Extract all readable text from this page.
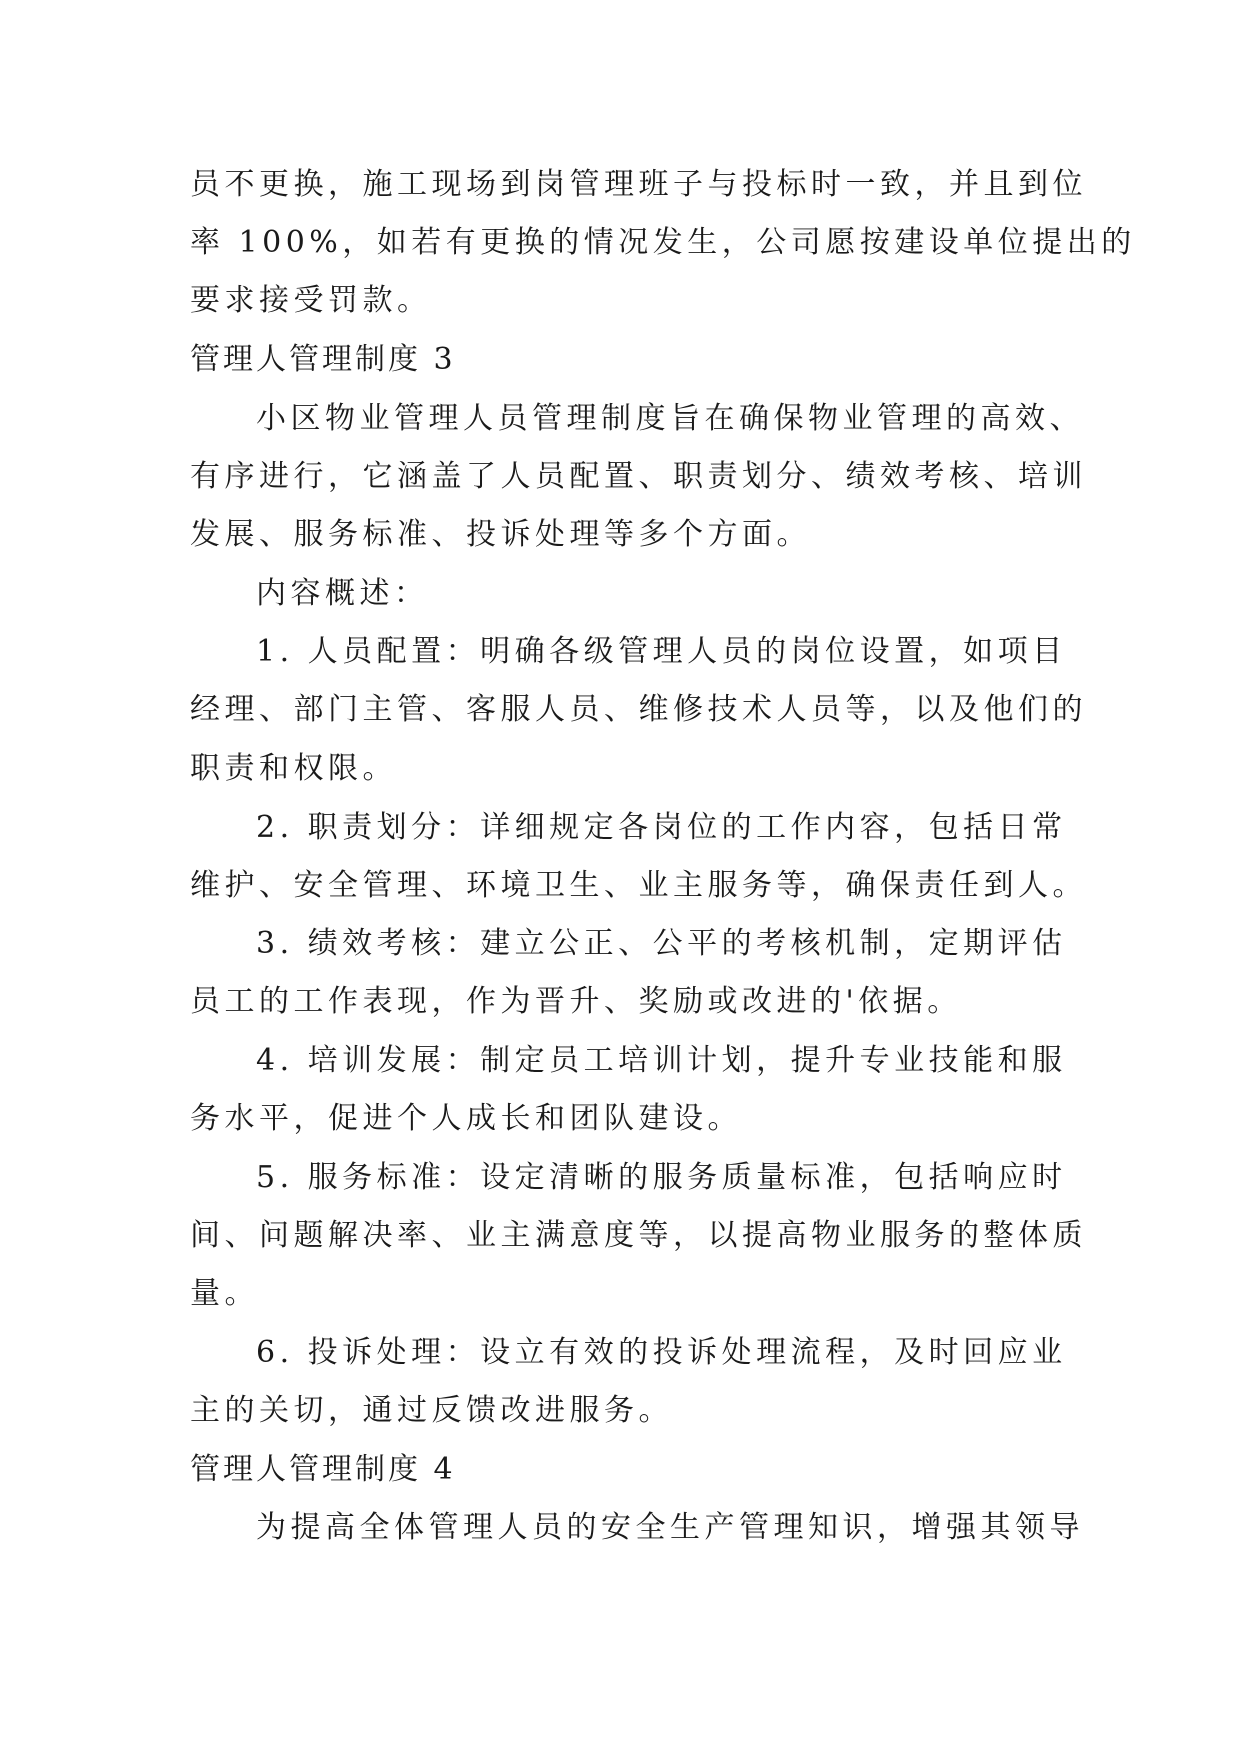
员不更换，施工现场到岗管理班子与投标时一致，并且到位
率 100%，如若有更换的情况发生，公司愿按建设单位提出的
要求接受罚款。
管理人管理制度 3
小区物业管理人员管理制度旨在确保物业管理的高效、
有序进行，它涵盖了人员配置、职责划分、绩效考核、培训
发展、服务标准、投诉处理等多个方面。
内容概述：
1. 人员配置：明确各级管理人员的岗位设置，如项目
经理、部门主管、客服人员、维修技术人员等，以及他们的
职责和权限。
2. 职责划分：详细规定各岗位的工作内容，包括日常
维护、安全管理、环境卫生、业主服务等，确保责任到人。
3. 绩效考核：建立公正、公平的考核机制，定期评估
员工的工作表现，作为晋升、奖励或改进的'依据。
4. 培训发展：制定员工培训计划，提升专业技能和服
务水平，促进个人成长和团队建设。
5. 服务标准：设定清晰的服务质量标准，包括响应时
间、问题解决率、业主满意度等，以提高物业服务的整体质
量。
6. 投诉处理：设立有效的投诉处理流程，及时回应业
主的关切，通过反馈改进服务。
管理人管理制度 4
为提高全体管理人员的安全生产管理知识，增强其领导
